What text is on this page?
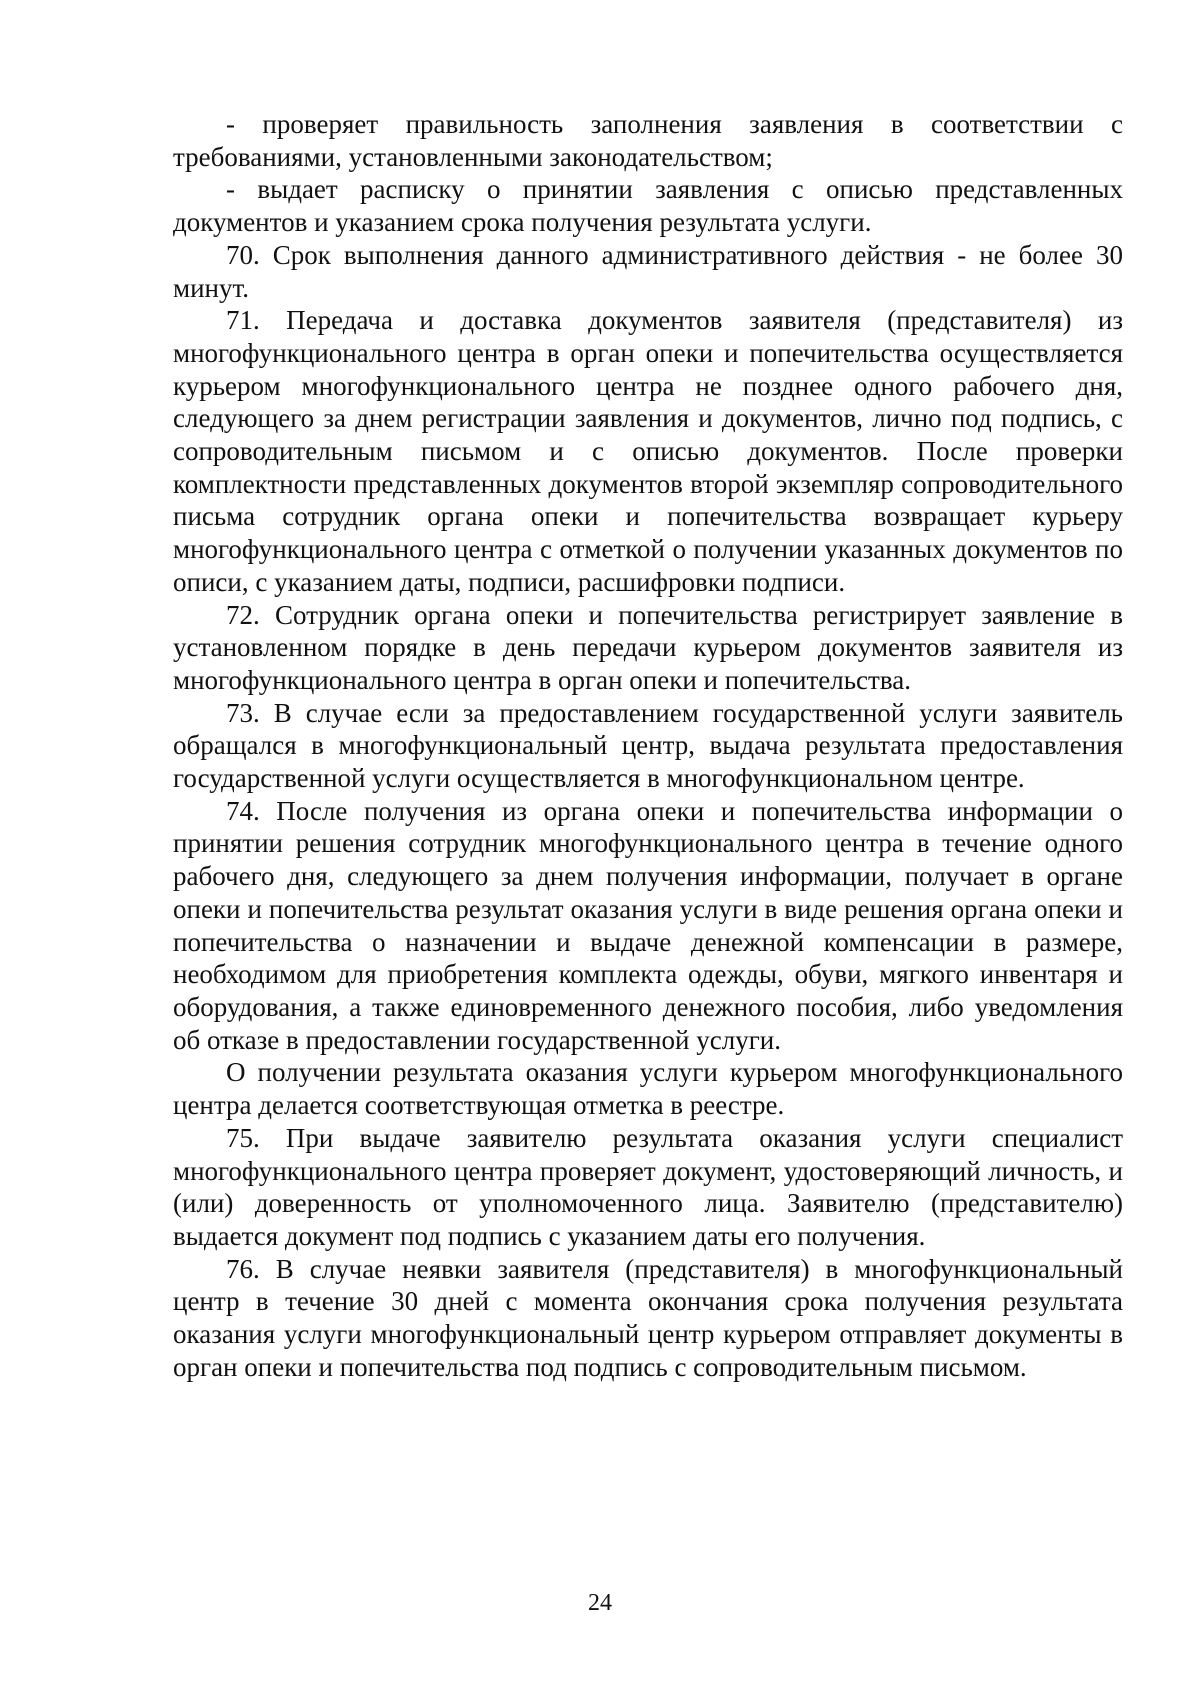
- проверяет правильность заполнения заявления в соответствии с требованиями, установленными законодательством;

- выдает расписку о принятии заявления с описью представленных документов и указанием срока получения результата услуги.

70. Срок выполнения данного административного действия - не более 30 минут.

71. Передача и доставка документов заявителя (представителя) из многофункционального центра в орган опеки и попечительства осуществляется курьером многофункционального центра не позднее одного рабочего дня, следующего за днем регистрации заявления и документов, лично под подпись, с сопроводительным письмом и с описью документов. После проверки комплектности представленных документов второй экземпляр сопроводительного письма сотрудник органа опеки и попечительства возвращает курьеру многофункционального центра с отметкой о получении указанных документов по описи, с указанием даты, подписи, расшифровки подписи.

72. Сотрудник органа опеки и попечительства регистрирует заявление в установленном порядке в день передачи курьером документов заявителя из многофункционального центра в орган опеки и попечительства.

73. В случае если за предоставлением государственной услуги заявитель обращался в многофункциональный центр, выдача результата предоставления государственной услуги осуществляется в многофункциональном центре.

74. После получения из органа опеки и попечительства информации о принятии решения сотрудник многофункционального центра в течение одного рабочего дня, следующего за днем получения информации, получает в органе опеки и попечительства результат оказания услуги в виде решения органа опеки и попечительства о назначении и выдаче денежной компенсации в размере, необходимом для приобретения комплекта одежды, обуви, мягкого инвентаря и оборудования, а также единовременного денежного пособия, либо уведомления об отказе в предоставлении государственной услуги.

О получении результата оказания услуги курьером многофункционального центра делается соответствующая отметка в реестре.

75. При выдаче заявителю результата оказания услуги специалист многофункционального центра проверяет документ, удостоверяющий личность, и (или) доверенность от уполномоченного лица. Заявителю (представителю) выдается документ под подпись с указанием даты его получения.

76. В случае неявки заявителя (представителя) в многофункциональный центр в течение 30 дней с момента окончания срока получения результата оказания услуги многофункциональный центр курьером отправляет документы в орган опеки и попечительства под подпись с сопроводительным письмом.

24
